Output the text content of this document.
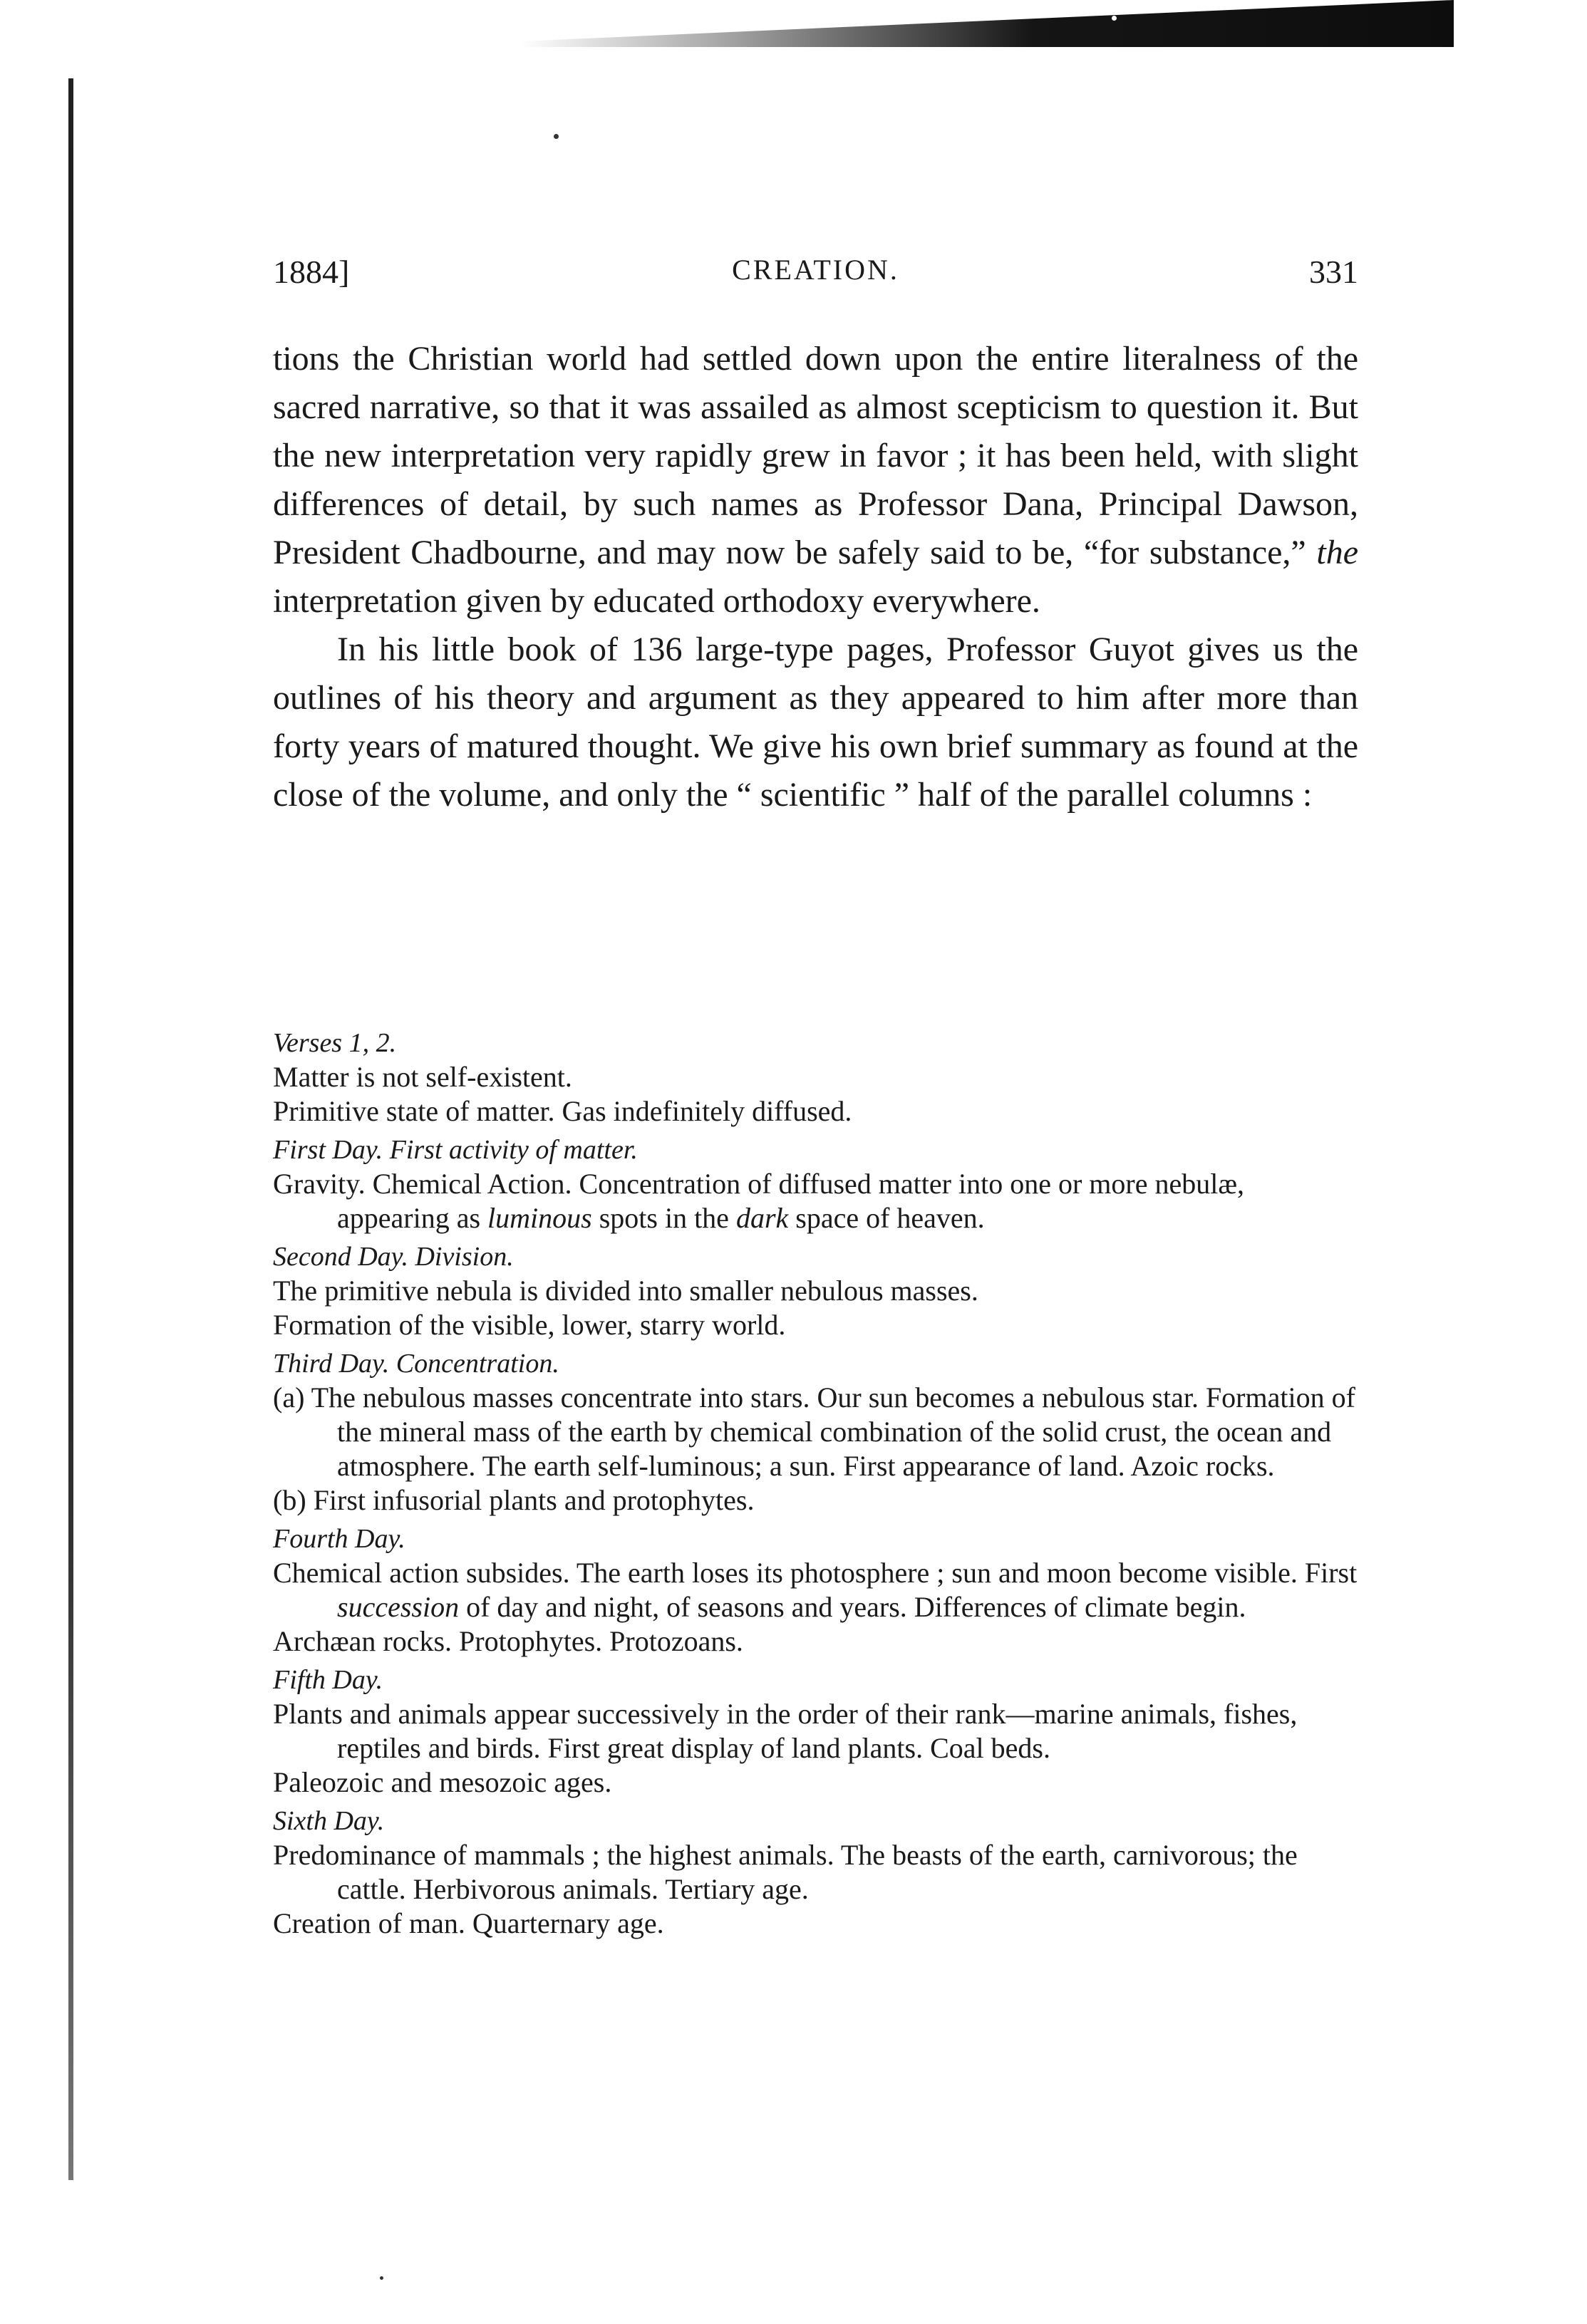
1884]	CREATION.	331

tions the Christian world had settled down upon the entire literalness of the sacred narrative, so that it was assailed as almost scepticism to question it. But the new interpretation very rapidly grew in favor ; it has been held, with slight differences of detail, by such names as Professor Dana, Principal Dawson, President Chadbourne, and may now be safely said to be, “for substance,” the interpretation given by educated orthodoxy everywhere.

In his little book of 136 large-type pages, Professor Guyot gives us the outlines of his theory and argument as they appeared to him after more than forty years of matured thought. We give his own brief summary as found at the close of the volume, and only the “ scientific ” half of the parallel columns :

Verses 1, 2.

Matter is not self-existent.

Primitive state of matter. Gas indefinitely diffused.

First Day. First activity of matter.

Gravity. Chemical Action. Concentration of diffused matter into one or more nebulæ, appearing as luminous spots in the dark space of heaven.

Second Day. Division.

The primitive nebula is divided into smaller nebulous masses.

Formation of the visible, lower, starry world.

Third Day. Concentration.

(a) The nebulous masses concentrate into stars. Our sun becomes a nebulous star. Formation of the mineral mass of the earth by chemical combination of the solid crust, the ocean and atmosphere. The earth self-luminous; a sun. First appearance of land. Azoic rocks.

(b) First infusorial plants and protophytes.

Fourth Day.

Chemical action subsides. The earth loses its photosphere ; sun and moon become visible. First succession of day and night, of seasons and years. Differences of climate begin.

Archæan rocks. Protophytes. Protozoans.

Fifth Day.

Plants and animals appear successively in the order of their rank—marine animals, fishes, reptiles and birds. First great display of land plants. Coal beds.

Paleozoic and mesozoic ages.

Sixth Day.

Predominance of mammals ; the highest animals. The beasts of the earth, carnivorous; the cattle. Herbivorous animals. Tertiary age.

Creation of man. Quarternary age.
